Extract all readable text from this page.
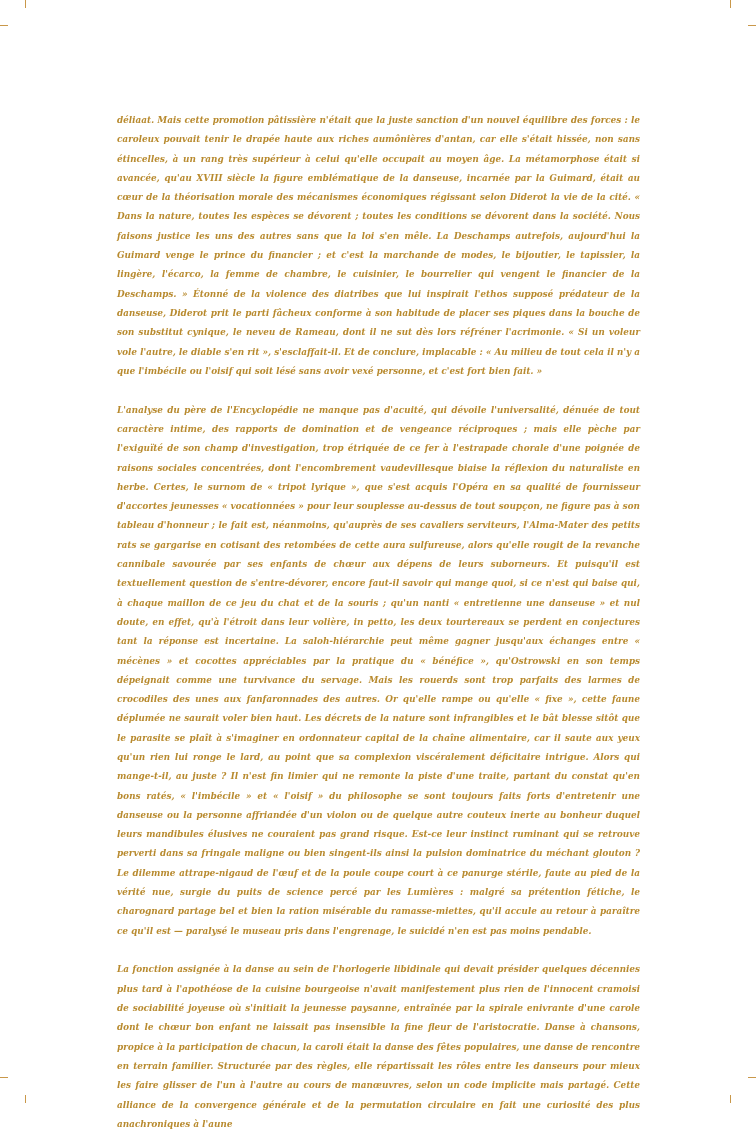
déliaat. Mais cette promotion pâtissière n'était que la juste sanction d'un nouvel équilibre des forces : le caroleux pouvait tenir le drapée haute aux riches aumônières d'antan, car elle s'était hissée, non sans étincelles, à un rang très supérieur à celui qu'elle occupait au moyen âge. La métamorphose était si avancée, qu'au XVIII siècle la figure emblématique de la danseuse, incarnée par la Guimard, était au cœur de la théorisation morale des mécanismes économiques régissant selon Diderot la vie de la cité. « Dans la nature, toutes les espèces se dévorent ; toutes les conditions se dévorent dans la société. Nous faisons justice les uns des autres sans que la loi s'en mêle. La Deschamps autrefois, aujourd'hui la Guimard venge le prince du financier ; et c'est la marchande de modes, le bijoutier, le tapissier, la lingère, l'écarco, la femme de chambre, le cuisinier, le bourrelier qui vengent le financier de la Deschamps. » Étonné de la violence des diatribes que lui inspirait l'ethos supposé prédateur de la danseuse, Diderot prit le parti fâcheux conforme à son habitude de placer ses piques dans la bouche de son substitut cynique, le neveu de Rameau, dont il ne sut dès lors réfréner l'acrimonie. « Si un voleur vole l'autre, le diable s'en rit », s'esclaffait-il. Et de conclure, implacable : « Au milieu de tout cela il n'y a que l'imbécile ou l'oisif qui soit lésé sans avoir vexé personne, et c'est fort bien fait. »

L'analyse du père de l'Encyclopédie ne manque pas d'acuité, qui dévoile l'universalité, dénuée de tout caractère intime, des rapports de domination et de vengeance réciproques ; mais elle pèche par l'exiguïté de son champ d'investigation, trop étriquée de ce fer à l'estrapade chorale d'une poignée de raisons sociales concentrées, dont l'encombrement vaudevillesque biaise la réflexion du naturaliste en herbe. Certes, le surnom de « tripot lyrique », que s'est acquis l'Opéra en sa qualité de fournisseur d'accortes jeunesses « vocationnées » pour leur souplesse au-dessus de tout soupçon, ne figure pas à son tableau d'honneur ; le fait est, néanmoins, qu'auprès de ses cavaliers serviteurs, l'Alma-Mater des petits rats se gargarise en cotisant des retombées de cette aura sulfureuse, alors qu'elle rougit de la revanche cannibale savourée par ses enfants de chœur aux dépens de leurs suborneurs. Et puisqu'il est textuellement question de s'entre-dévorer, encore faut-il savoir qui mange quoi, si ce n'est qui baise qui, à chaque maillon de ce jeu du chat et de la souris ; qu'un nanti « entretienne une danseuse » et nul doute, en effet, qu'à l'étroit dans leur volière, in petto, les deux tourtereaux se perdent en conjectures tant la réponse est incertaine. La saloh-hiérarchie peut même gagner jusqu'aux échanges entre « mécènes » et cocottes appréciables par la pratique du « bénéfice », qu'Ostrowski en son temps dépeignait comme une turvivance du servage. Mais les rouerds sont trop parfaits des larmes de crocodiles des unes aux fanfaronnades des autres. Or qu'elle rampe ou qu'elle « fixe », cette faune déplumée ne saurait voler bien haut. Les décrets de la nature sont infrangibles et le bât blesse sitôt que le parasite se plaît à s'imaginer en ordonnateur capital de la chaîne alimentaire, car il saute aux yeux qu'un rien lui ronge le lard, au point que sa complexion viscéralement déficitaire intrigue. Alors qui mange-t-il, au juste ? Il n'est fin limier qui ne remonte la piste d'une traite, partant du constat qu'en bons ratés, « l'imbécile » et « l'oisif » du philosophe se sont toujours faits forts d'entretenir une danseuse ou la personne affriandée d'un violon ou de quelque autre couteux inerte au bonheur duquel leurs mandibules élusives ne couraient pas grand risque. Est-ce leur instinct ruminant qui se retrouve perverti dans sa fringale maligne ou bien singent-ils ainsi la pulsion dominatrice du méchant glouton ? Le dilemme attrape-nigaud de l'œuf et de la poule coupe court à ce panurge stérile, faute au pied de la vérité nue, surgie du puits de science percé par les Lumières : malgré sa prétention fétiche, le charognard partage bel et bien la ration misérable du ramasse-miettes, qu'il accule au retour à paraître ce qu'il est — paralysé le museau pris dans l'engrenage, le suicidé n'en est pas moins pendable.

La fonction assignée à la danse au sein de l'horlogerie libidinale qui devait présider quelques décennies plus tard à l'apothéose de la cuisine bourgeoise n'avait manifestement plus rien de l'innocent cramoisi de sociabilité joyeuse où s'initiait la jeunesse paysanne, entraînée par la spirale enivrante d'une carole dont le chœur bon enfant ne laissait pas insensible la fine fleur de l'aristocratie. Danse à chansons, propice à la participation de chacun, la caroli était la danse des fêtes populaires, une danse de rencontre en terrain familier. Structurée par des règles, elle répartissait les rôles entre les danseurs pour mieux les faire glisser de l'un à l'autre au cours de manœuvres, selon un code implicite mais partagé. Cette alliance de la convergence générale et de la permutation circulaire en fait une curiosité des plus anachroniques à l'aune
